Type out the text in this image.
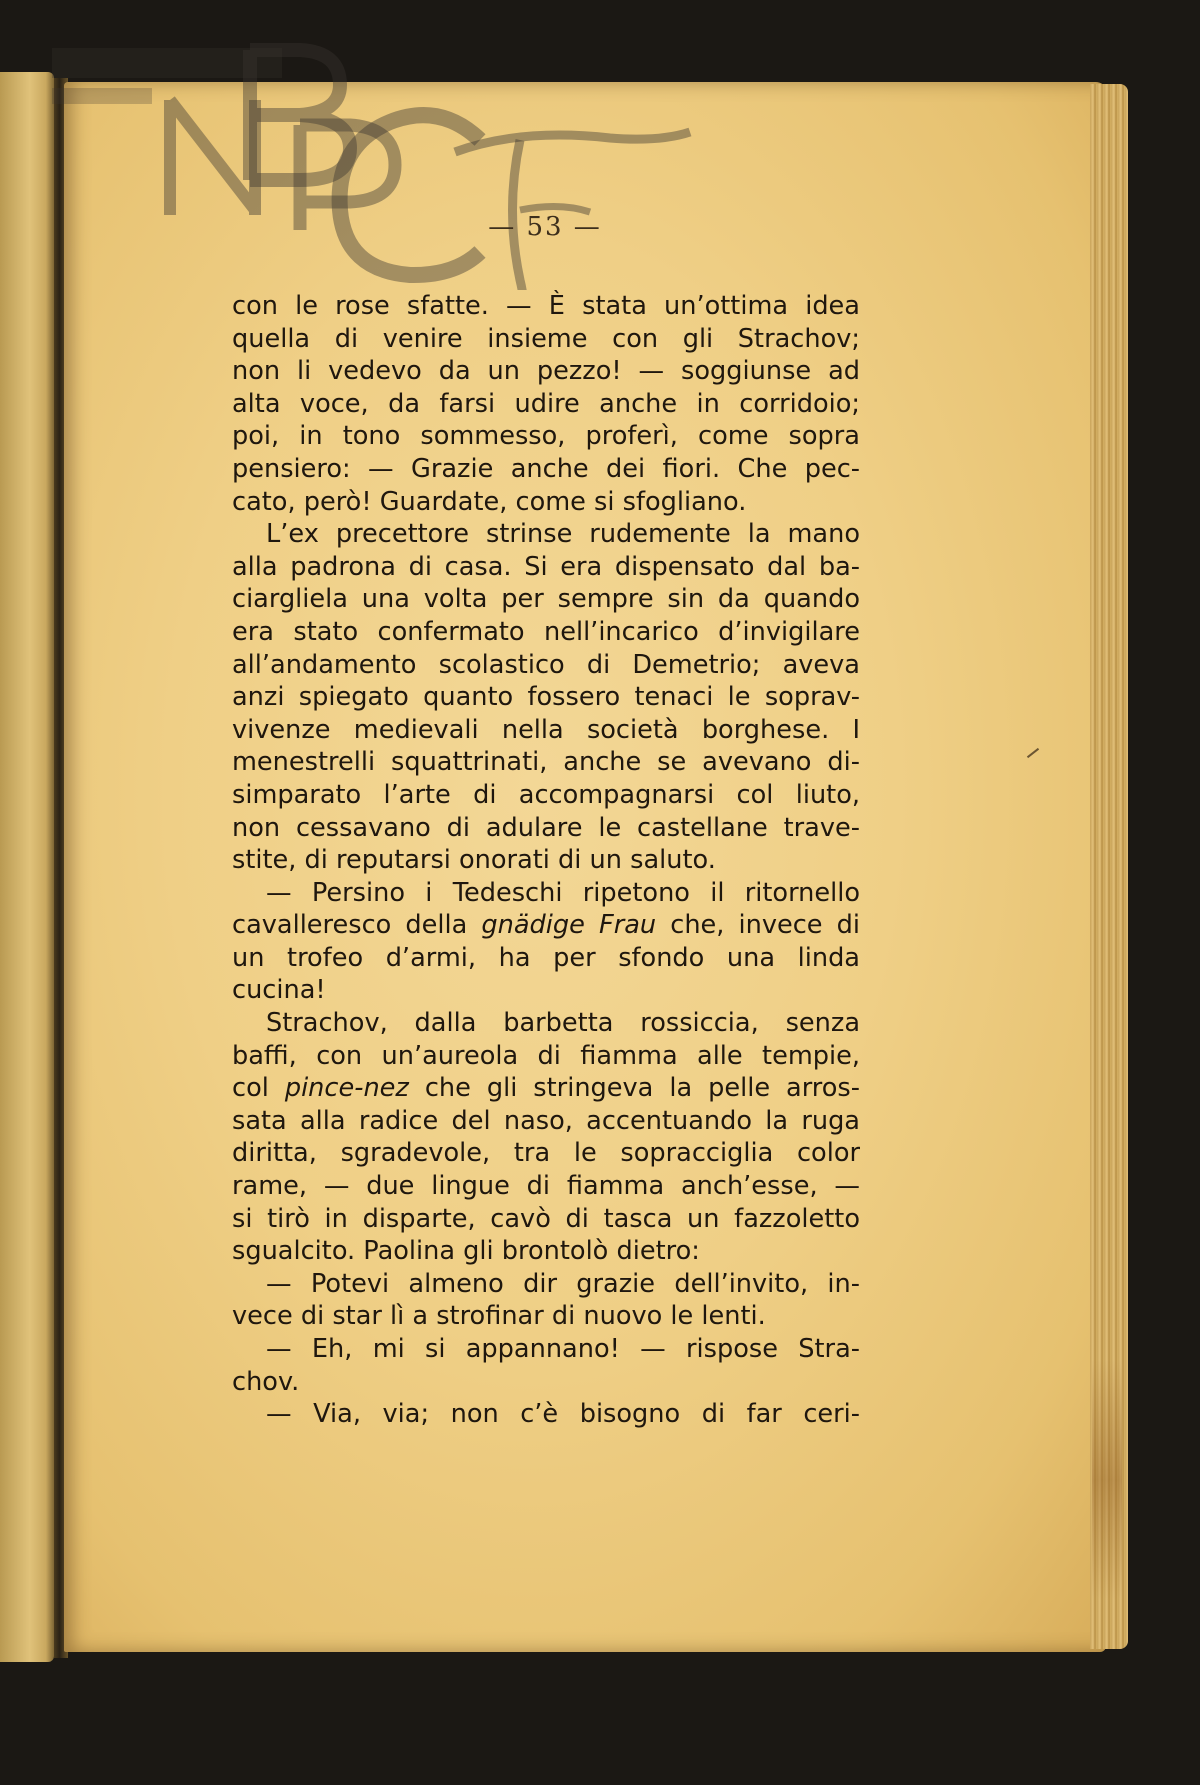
— 53 —
con le rose sfatte. — È stata un’ottima idea
quella di venire insieme con gli Strachov;
non li vedevo da un pezzo! — soggiunse ad
alta voce, da farsi udire anche in corridoio;
poi, in tono sommesso, proferì, come sopra
pensiero: — Grazie anche dei fiori. Che pec-
cato, però! Guardate, come si sfogliano.
L’ex precettore strinse rudemente la mano
alla padrona di casa. Si era dispensato dal ba-
ciargliela una volta per sempre sin da quando
era stato confermato nell’incarico d’invigilare
all’andamento scolastico di Demetrio; aveva
anzi spiegato quanto fossero tenaci le soprav-
vivenze medievali nella società borghese. I
menestrelli squattrinati, anche se avevano di-
simparato l’arte di accompagnarsi col liuto,
non cessavano di adulare le castellane trave-
stite, di reputarsi onorati di un saluto.
— Persino i Tedeschi ripetono il ritornello
cavalleresco della gnädige Frau che, invece di
un trofeo d’armi, ha per sfondo una linda
cucina!
Strachov, dalla barbetta rossiccia, senza
baffi, con un’aureola di fiamma alle tempie,
col pince-nez che gli stringeva la pelle arros-
sata alla radice del naso, accentuando la ruga
diritta, sgradevole, tra le sopracciglia color
rame, — due lingue di fiamma anch’esse, —
si tirò in disparte, cavò di tasca un fazzoletto
sgualcito. Paolina gli brontolò dietro:
— Potevi almeno dir grazie dell’invito, in-
vece di star lì a strofinar di nuovo le lenti.
— Eh, mi si appannano! — rispose Stra-
chov.
— Via, via; non c’è bisogno di far ceri-
